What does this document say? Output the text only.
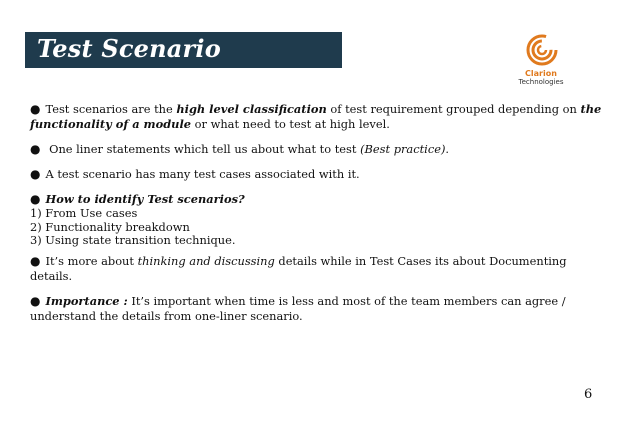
Test Scenario
Clarion
Technologies
● Test scenarios are the high level classification of test requirement grouped depending on the functionality of a module or what need to test at high level.
● One liner statements which tell us about what to test (Best practice).
● A test scenario has many test cases associated with it.
● How to identify Test scenarios?
1) From Use cases
2) Functionality breakdown
3) Using state transition technique.
● It’s more about thinking and discussing details while in Test Cases its about Documenting details.
● Importance : It’s important when time is less and most of the team members can agree / understand the details from one-liner scenario.
6
